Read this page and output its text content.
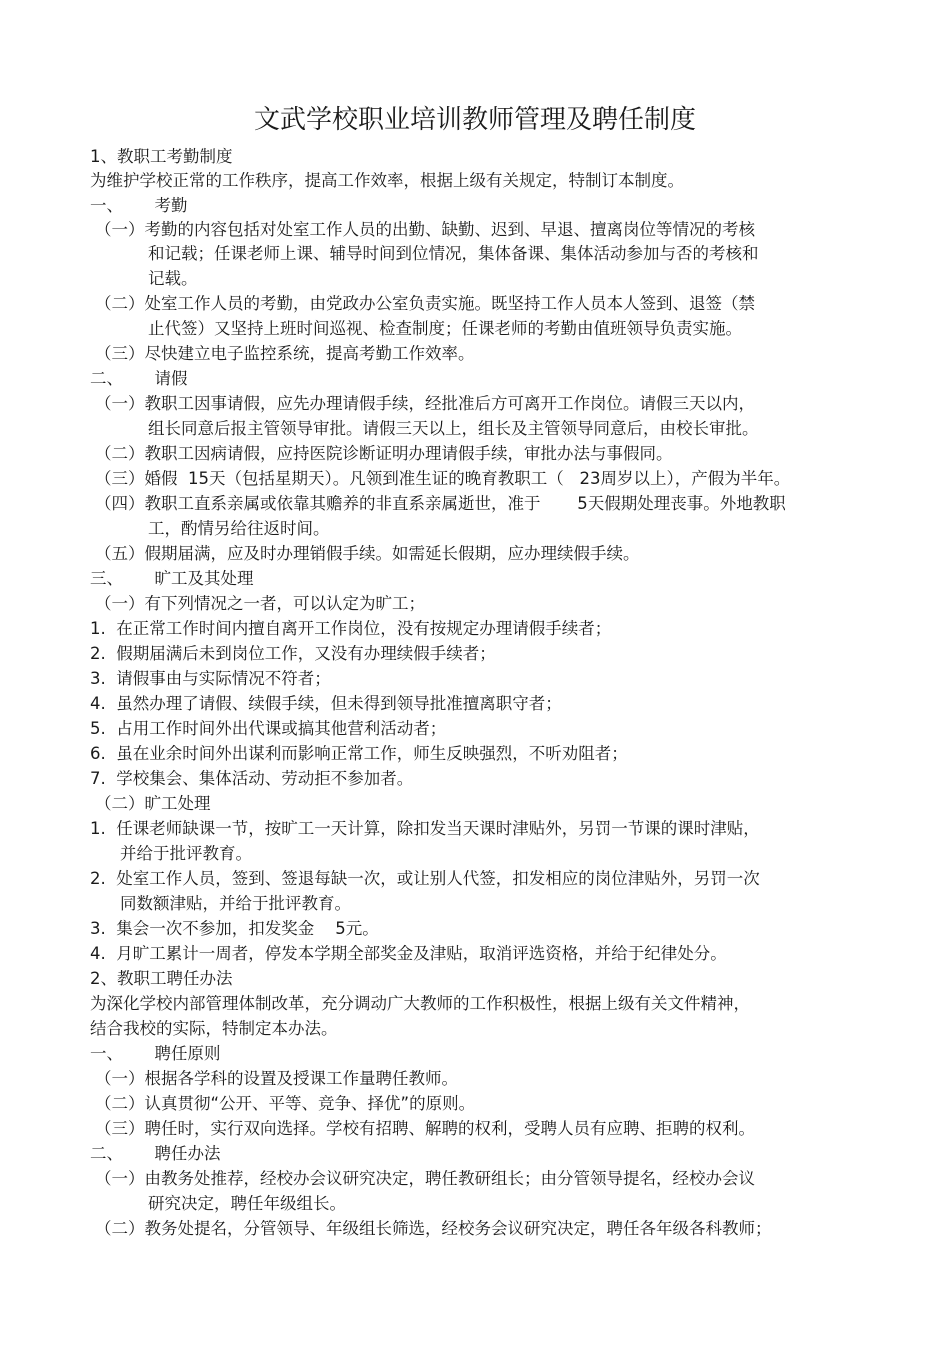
文武学校职业培训教师管理及聘任制度
1、教职工考勤制度
为维护学校正常的工作秩序，提高工作效率，根据上级有关规定，特制订本制度。
一、      考勤
（一）考勤的内容包括对处室工作人员的出勤、缺勤、迟到、早退、擅离岗位等情况的考核
和记载；任课老师上课、辅导时间到位情况，集体备课、集体活动参加与否的考核和
记载。
（二）处室工作人员的考勤，由党政办公室负责实施。既坚持工作人员本人签到、退签（禁
止代签）又坚持上班时间巡视、检查制度；任课老师的考勤由值班领导负责实施。
（三）尽快建立电子监控系统，提高考勤工作效率。
二、      请假
（一）教职工因事请假，应先办理请假手续，经批准后方可离开工作岗位。请假三天以内，
组长同意后报主管领导审批。请假三天以上，组长及主管领导同意后，由校长审批。
（二）教职工因病请假，应持医院诊断证明办理请假手续，审批办法与事假同。
（三）婚假  15天（包括星期天）。凡领到准生证的晚育教职工（   23周岁以上），产假为半年。
（四）教职工直系亲属或依靠其赡养的非直系亲属逝世，准于       5天假期处理丧事。外地教职
工，酌情另给往返时间。
（五）假期届满，应及时办理销假手续。如需延长假期，应办理续假手续。
三、      旷工及其处理
（一）有下列情况之一者，可以认定为旷工；
1.  在正常工作时间内擅自离开工作岗位，没有按规定办理请假手续者；
2.  假期届满后未到岗位工作，又没有办理续假手续者；
3.  请假事由与实际情况不符者；
4.  虽然办理了请假、续假手续，但未得到领导批准擅离职守者；
5.  占用工作时间外出代课或搞其他营利活动者；
6.  虽在业余时间外出谋利而影响正常工作，师生反映强烈，不听劝阻者；
7.  学校集会、集体活动、劳动拒不参加者。
（二）旷工处理
1.  任课老师缺课一节，按旷工一天计算，除扣发当天课时津贴外，另罚一节课的课时津贴，
并给于批评教育。
2.  处室工作人员，签到、签退每缺一次，或让别人代签，扣发相应的岗位津贴外，另罚一次
同数额津贴，并给于批评教育。
3.  集会一次不参加，扣发奖金    5元。
4.  月旷工累计一周者，停发本学期全部奖金及津贴，取消评选资格，并给于纪律处分。
2、教职工聘任办法
为深化学校内部管理体制改革，充分调动广大教师的工作积极性，根据上级有关文件精神，
结合我校的实际，特制定本办法。
一、      聘任原则
（一）根据各学科的设置及授课工作量聘任教师。
（二）认真贯彻“公开、平等、竞争、择优”的原则。
（三）聘任时，实行双向选择。学校有招聘、解聘的权利，受聘人员有应聘、拒聘的权利。
二、      聘任办法
（一）由教务处推荐，经校办会议研究决定，聘任教研组长；由分管领导提名，经校办会议
研究决定，聘任年级组长。
（二）教务处提名，分管领导、年级组长筛选，经校务会议研究决定，聘任各年级各科教师；
